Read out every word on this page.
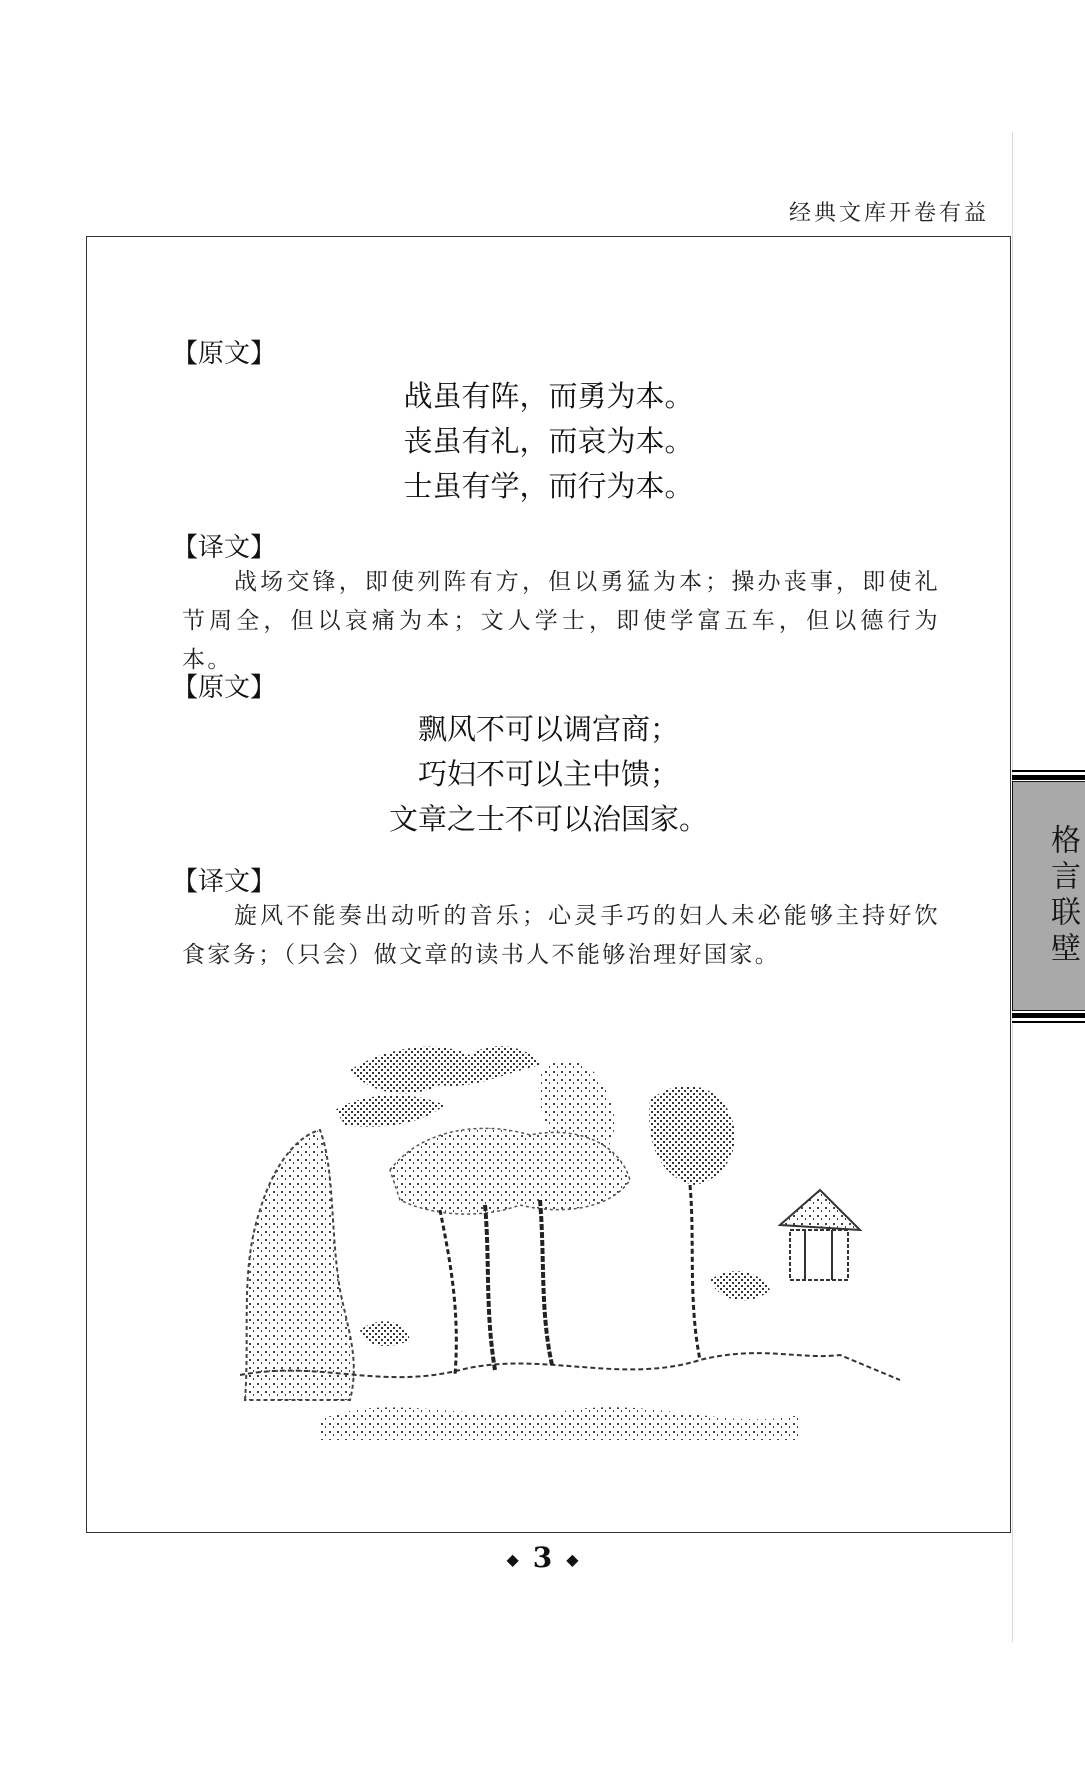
经典文库开卷有益
【原文】
战虽有阵，而勇为本。
丧虽有礼，而哀为本。
士虽有学，而行为本。
【译文】

战场交锋，即使列阵有方，但以勇猛为本；操办丧事，即使礼节周全，但以哀痛为本；文人学士，即使学富五车，但以德行为本。

【原文】
飘风不可以调宫商；
巧妇不可以主中馈；
文章之士不可以治国家。
【译文】

旋风不能奏出动听的音乐；心灵手巧的妇人未必能够主持好饮食家务；（只会）做文章的读书人不能够治理好国家。	格言联壁
◆ 3 ◆
